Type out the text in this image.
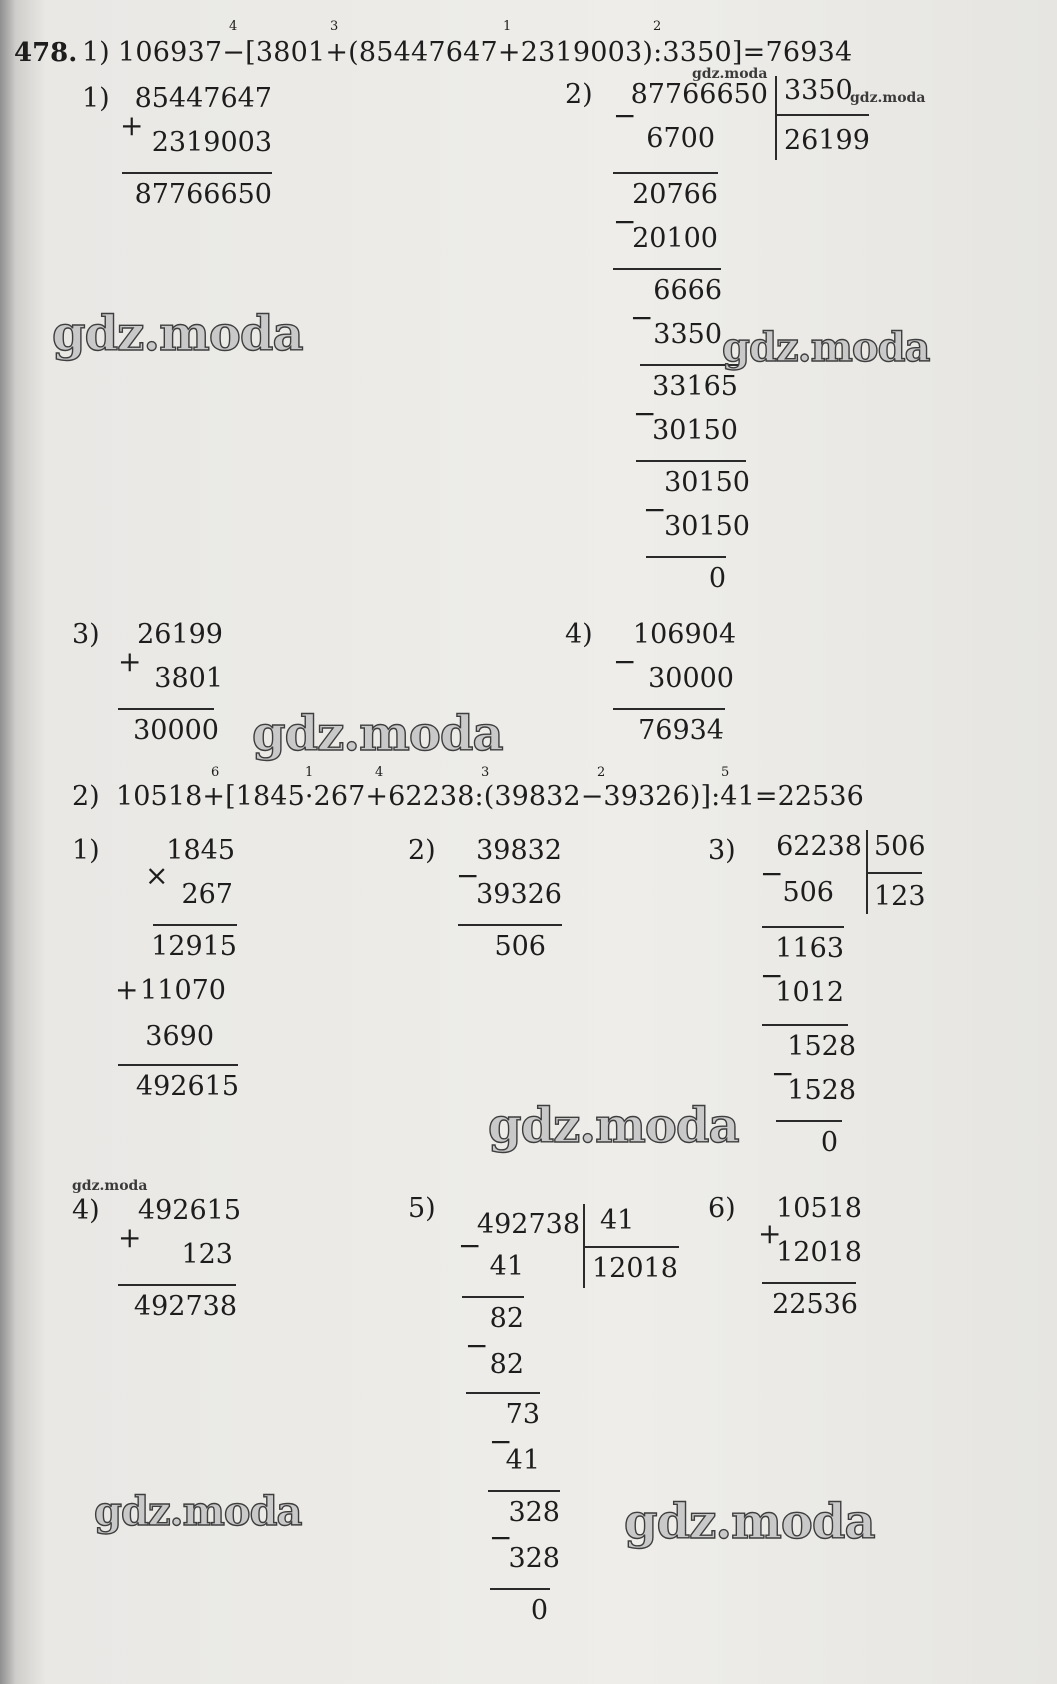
478. 1) 106937−[3801+(85447647+2319003):3350]=76934
4	3	1	2
1) 85447647
+
2319003
87766650
2)	87766650 3350
26199
−
6700
20766
−
20100
6666
−
3350
33165
−
30150
30150
−
30150
0
3)	26199
+
3801
30000
4)	106904
−
30000
76934
2) 10518+[1845·267+62238:(39832−39326)]:41=22536
6	1	4	3	2	5
1)	1845
×
267
12915
+ 11070
3690
492615
2)	39832
−
39326
506
3)	62238 506
123
−
506
1163
−
1012
1528
−
1528
0
4)	492615
+
123
492738
5)
492738 41
12018
−
41
82
−
82
73
−
41
328
−
328
0
6)	10518
+
12018
22536
gdz.moda	gdz.moda
gdz.moda
gdz.moda
gdz.moda	gdz.moda
gdz.moda
gdz.moda
gdz.moda
